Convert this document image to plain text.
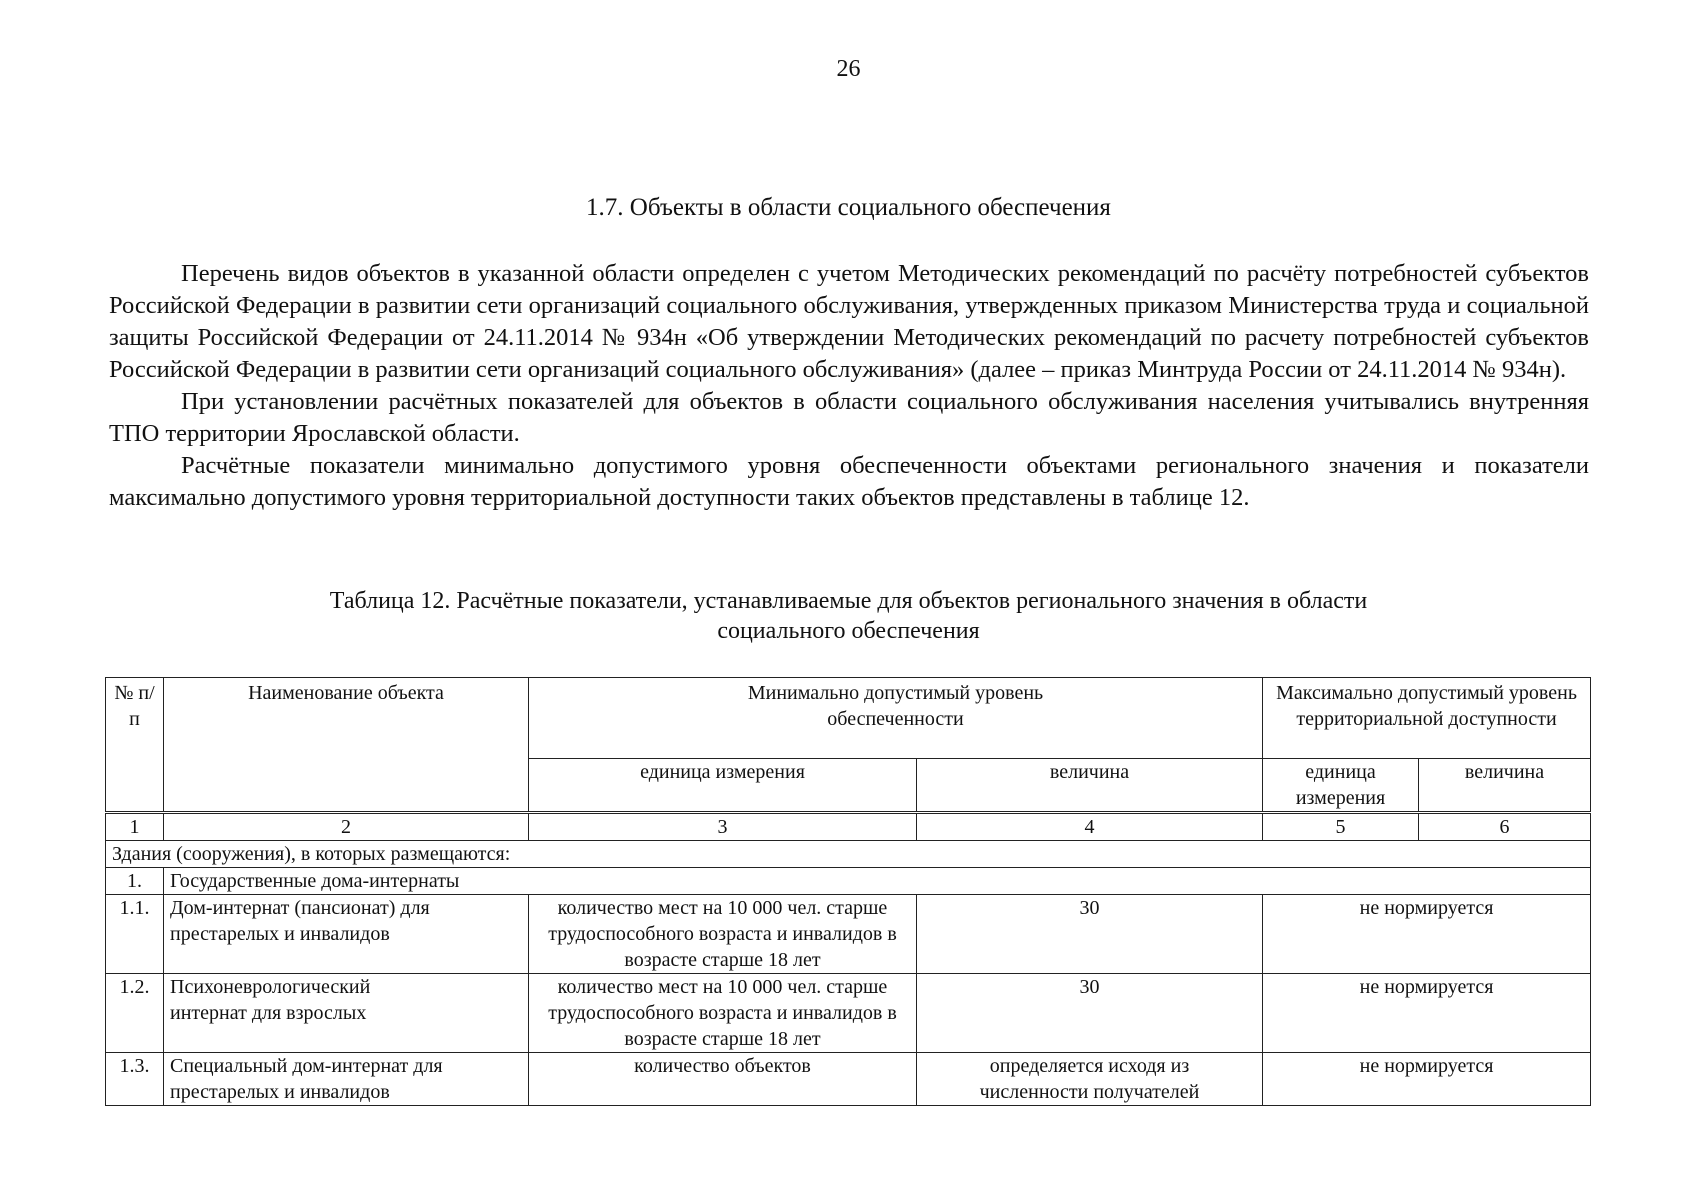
26
1.7. Объекты в области социального обеспечения

Перечень видов объектов в указанной области определен с учетом Методических рекомендаций по расчёту потребностей субъектов Российской Федерации в развитии сети организаций социального обслуживания, утвержденных приказом Министерства труда и социальной защиты Российской Федерации от 24.11.2014 № 934н «Об утверждении Методических рекомендаций по расчету потребностей субъектов Российской Федерации в развитии сети организаций социального обслуживания» (далее – приказ Минтруда России от 24.11.2014 № 934н).

При установлении расчётных показателей для объектов в области социального обслуживания населения учитывались внутренняя ТПО территории Ярославской области.

Расчётные показатели минимально допустимого уровня обеспеченности объектами регионального значения и показатели максимально допустимого уровня территориальной доступности таких объектов представлены в таблице 12.

Таблица 12. Расчётные показатели, устанавливаемые для объектов регионального значения в области
социального обеспечения
№ п/п	Наименование объекта	Минимально допустимый уровень обеспеченности		Максимально допустимый уровень территориальной доступности	
		единица измерения	величина	единица измерения	величина
1	2	3	4	5	6
Здания (сооружения), в которых размещаются:					
1.	Государственные дома-интернаты				
1.1.	Дом-интернат (пансионат) для престарелых и инвалидов	количество мест на 10 000 чел. старше трудоспособного возраста и инвалидов в возрасте старше 18 лет	30	не нормируется	
1.2.	Психоневрологический интернат для взрослых	количество мест на 10 000 чел. старше трудоспособного возраста и инвалидов в возрасте старше 18 лет	30	не нормируется	
1.3.	Специальный дом-интернат для престарелых и инвалидов	количество объектов	определяется исходя из численности получателей	не нормируется	
